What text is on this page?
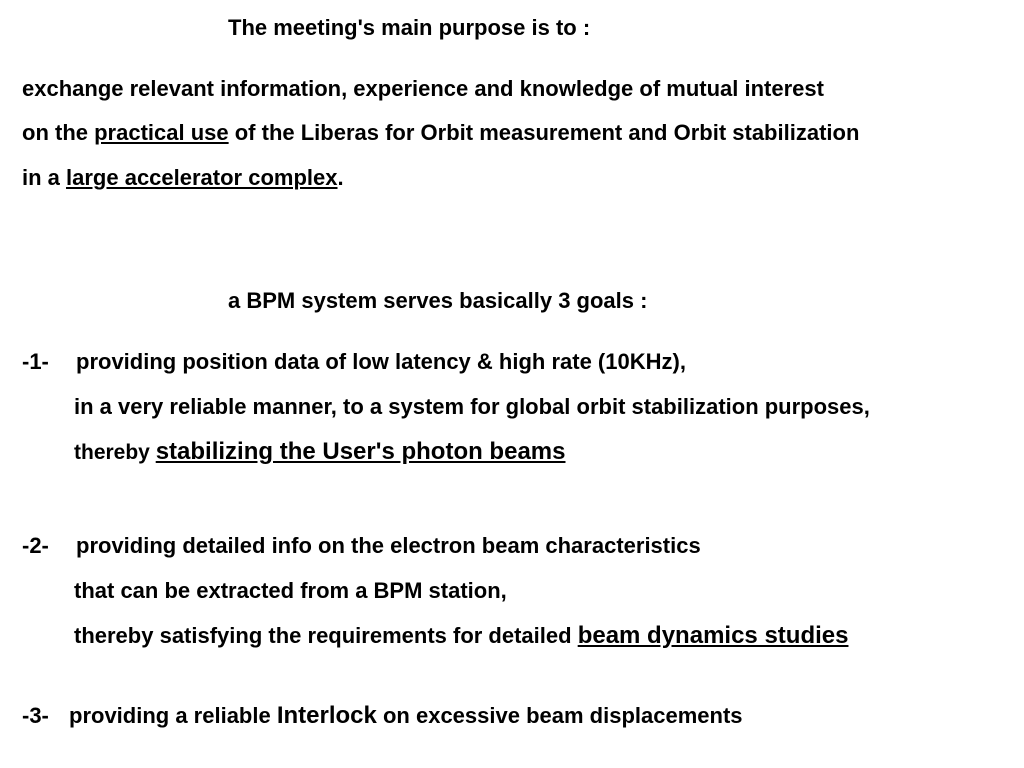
The meeting's main purpose is to :
exchange relevant information, experience and knowledge of mutual interest
on the practical use of the Liberas for Orbit measurement and Orbit stabilization
in a large accelerator complex.
a BPM system serves basically 3 goals :
-1- providing position data of low latency & high rate (10KHz),
in a very reliable manner, to a system for global orbit stabilization purposes,
thereby stabilizing the User's photon beams
-2- providing detailed info on the electron beam characteristics
that can be extracted from a BPM station,
thereby satisfying the requirements for detailed beam dynamics studies
-3- providing a reliable Interlock on excessive beam displacements
